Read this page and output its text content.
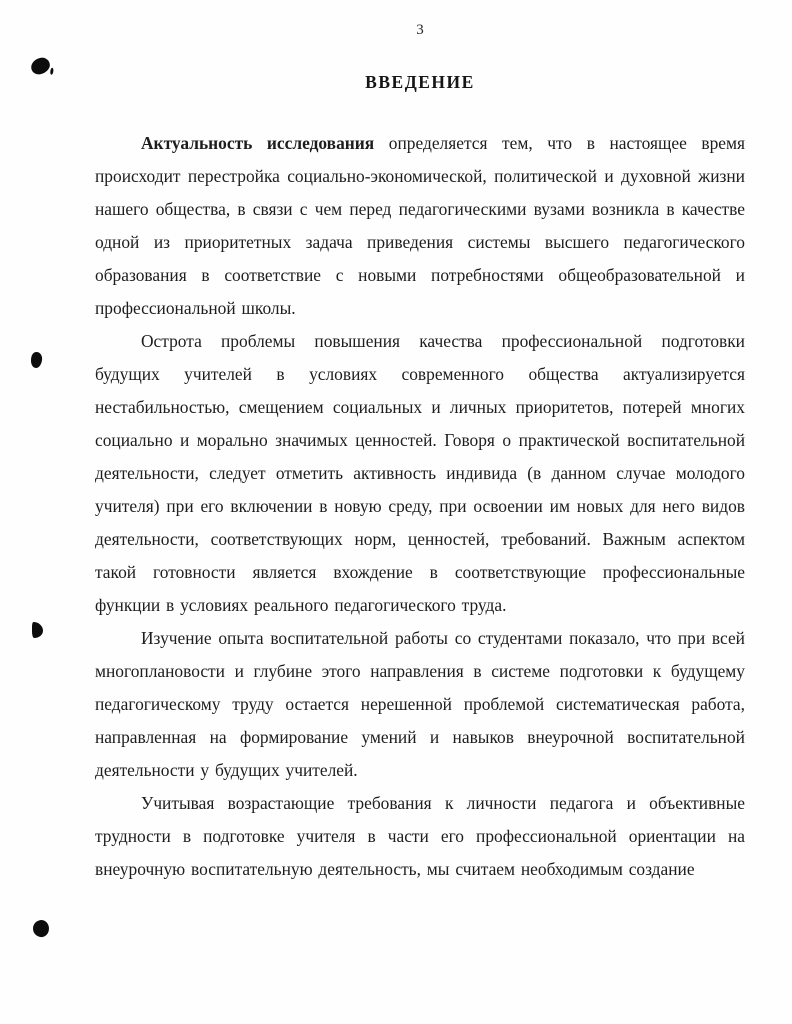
3
ВВЕДЕНИЕ

Актуальность исследования определяется тем, что в настоящее время происходит перестройка социально-экономической, политической и духовной жизни нашего общества, в связи с чем перед педагогическими вузами возникла в качестве одной из приоритетных задача приведения системы высшего педагогического образования в соответствие с новыми потребностями общеобразовательной и профессиональной школы.

Острота проблемы повышения качества профессиональной подготовки будущих учителей в условиях современного общества актуализируется нестабильностью, смещением социальных и личных приоритетов, потерей многих социально и морально значимых ценностей. Говоря о практической воспитательной деятельности, следует отметить активность индивида (в данном случае молодого учителя) при его включении в новую среду, при освоении им новых для него видов деятельности, соответствующих норм, ценностей, требований. Важным аспектом такой готовности является вхождение в соответствующие профессиональные функции в условиях реального педагогического труда.

Изучение опыта воспитательной работы со студентами показало, что при всей многоплановости и глубине этого направления в системе подготовки к будущему педагогическому труду остается нерешенной проблемой систематическая работа, направленная на формирование умений и навыков внеурочной воспитательной деятельности у будущих учителей.

Учитывая возрастающие требования к личности педагога и объективные трудности в подготовке учителя в части его профессиональной ориентации на внеурочную воспитательную деятельность, мы считаем необходимым создание
